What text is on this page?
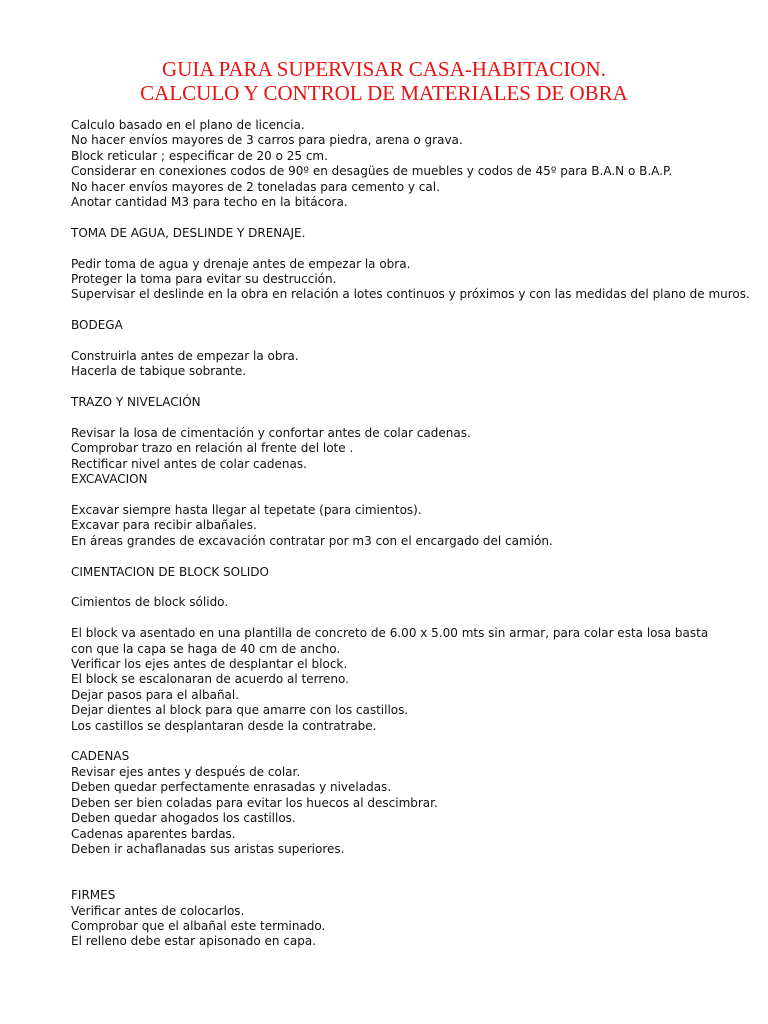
GUIA PARA SUPERVISAR CASA-HABITACION.
CALCULO Y CONTROL DE MATERIALES DE OBRA
Calculo basado en el plano de licencia.
No hacer envíos mayores de 3 carros para piedra, arena o grava.
Block reticular ; especificar de 20 o 25 cm.
Considerar en conexiones codos de 90º en desagües de muebles y codos de 45º para B.A.N o B.A.P.
No hacer envíos mayores de 2 toneladas para cemento y cal.
Anotar cantidad M3 para techo en la bitácora.
TOMA DE AGUA, DESLINDE Y DRENAJE.
Pedir toma de agua y drenaje antes de empezar la obra.
Proteger la toma para evitar su destrucción.
Supervisar el deslinde en la obra en relación a lotes continuos y próximos y con las medidas del plano de muros.
BODEGA
Construirla antes de empezar la obra.
Hacerla de tabique sobrante.
TRAZO Y NIVELACIÓN
Revisar la losa de cimentación y confortar antes de colar cadenas.
Comprobar trazo en relación al frente del lote .
Rectificar nivel antes de colar cadenas.
EXCAVACION
Excavar siempre hasta llegar al tepetate (para cimientos).
Excavar para recibir albañales.
En áreas grandes de excavación contratar por m3 con el encargado del camión.
CIMENTACION DE BLOCK SOLIDO
Cimientos de block sólido.
El block va asentado en una plantilla de concreto de 6.00 x 5.00 mts sin armar, para colar esta losa basta con que la capa se haga de 40 cm de ancho.
Verificar los ejes antes de desplantar el block.
El block se escalonaran de acuerdo al terreno.
Dejar pasos para el albañal.
Dejar dientes al block para que amarre con los castillos.
Los castillos se desplantaran desde la contratrabe.
CADENAS
Revisar ejes antes y después de colar.
Deben quedar perfectamente enrasadas y niveladas.
Deben ser bien coladas para evitar los huecos al descimbrar.
Deben quedar ahogados los castillos.
Cadenas aparentes bardas.
Deben ir achaflanadas sus aristas superiores.
FIRMES
Verificar antes de colocarlos.
Comprobar que el albañal este terminado.
El relleno debe estar apisonado en capa.
